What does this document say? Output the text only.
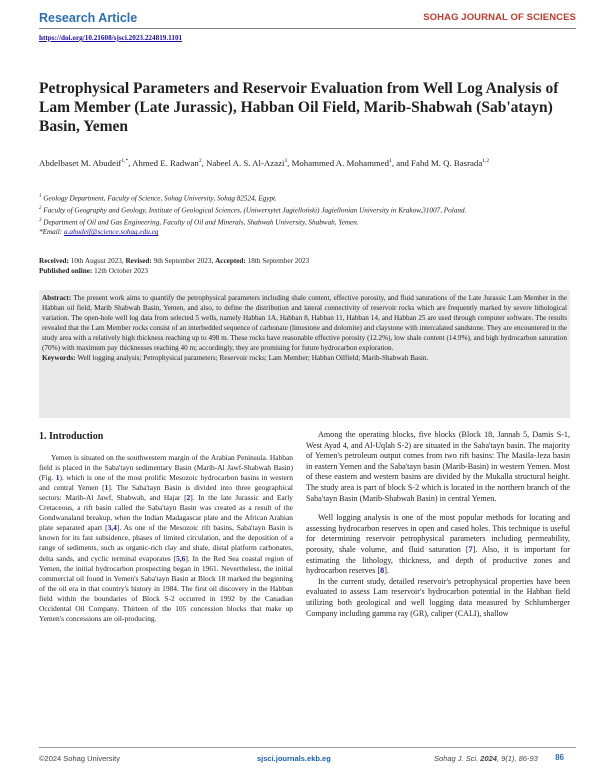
Research Article	SOHAG JOURNAL OF SCIENCES
https://doi.org/10.21608/sjsci.2023.224819.1101
Petrophysical Parameters and Reservoir Evaluation from Well Log Analysis of Lam Member (Late Jurassic), Habban Oil Field, Marib-Shabwah (Sab'atayn) Basin, Yemen
Abdelbaset M. Abudeif$^{1,*}$, Ahmed E. Radwan$^2$, Nabeel A. S. Al-Azazi$^3$, Mohammed A. Mohammed$^1$, and Fahd M. Q. Basrada$^{1,2}$
$^1$ Geology Department, Faculty of Science, Sohag University, Sohag 82524, Egypt.
$^2$ Faculty of Geography and Geology, Institute of Geological Sciences, (Uniwersytet Jagielloński) Jagiellonian University in Krakow,31007, Poland.
$^3$ Department of Oil and Gas Engineering, Faculty of Oil and Minerals, Shabwah University, Shabwah, Yemen.
*Email: a.abudeif@science.sohag.edu.eg
Received: 10th August 2023, Revised: 9th September 2023, Accepted: 18th September 2023
Published online: 12th October 2023
Abstract: The present work aims to quantify the petrophysical parameters including shale content, effective porosity, and fluid saturations of the Late Jurassic Lam Member in the Habban oil field, Marib Shabwah Basin, Yemen, and also, to define the distribution and lateral connectivity of reservoir rocks which are frequently marked by severe lithological variation. The open-hole well log data from selected 5 wells, namely Habban 1A, Habban 8, Habban 11, Habban 14, and Habban 25 are used through computer software. The results revealed that the Lam Member rocks consist of an interbedded sequence of carbonate (limestone and dolomite) and claystone with intercalated sandstone. They are encountered in the study area with a relatively high thickness reaching up to 498 m. These rocks have reasonable effective porosity (12.2%), low shale content (14.9%), and high hydrocarbon saturation (70%) with maximum pay thicknesses reaching 40 m; accordingly, they are promising for future hydrocarbon exploration.
Keywords: Well logging analysis; Petrophysical parameters; Reservoir rocks; Lam Member; Habban Oilfield; Marib-Shabwah Basin.
1. Introduction

Yemen is situated on the southwestern margin of the Arabian Peninsula. Habban field is placed in the Saba'tayn sedimentary Basin (Marib-Al Jawf-Shabwah Basin) (Fig. 1). which is one of the most prolific Mesozoic hydrocarbon basins in western and central Yemen [1]. The Saba'tayn Basin is divided into three geographical sectors: Marib-Al Jawf, Shabwah, and Hajar [2]. In the late Jurassic and Early Cretaceous, a rift basin called the Saba'tayn Basin was created as a result of the Gondwanaland breakup, when the Indian Madagascar plate and the African Arabian plate separated apart [3,4]. As one of the Mesozoic rift basins, Saba'tayn Basin is known for its fast subsidence, phases of limited circulation, and the deposition of a range of sediments, such as organic-rich clay and shale, distal platform carbonates, delta sands, and cyclic terminal evaporates [5,6]. In the Red Sea coastal region of Yemen, the initial hydrocarbon prospecting began in 1961. Nevertheless, the initial commercial oil found in Yemen's Saba'tayn Basin at Block 18 marked the beginning of the oil era in that country's history in 1984. The first oil discovery in the Habban field within the boundaries of Block S-2 occurred in 1992 by the Canadian Occidental Oil Company. Thirteen of the 105 concession blocks that make up Yemen's concessions are oil-producing.

Among the operating blocks, five blocks (Block 18, Jannah 5, Damis S-1, West Ayad 4, and Al-Uqlah S-2) are situated in the Saba'tayn basin. The majority of Yemen's petroleum output comes from two rift basins: The Masila-Jeza basin in eastern Yemen and the Saba'tayn basin (Marib-Basin) in western Yemen. Most of these eastern and western basins are divided by the Mukalla structural height. The study area is part of block S-2 which is located in the northern branch of the Saba'tayn Basin (Marib-Shabwah Basin) in central Yemen.

Well logging analysis is one of the most popular methods for locating and assessing hydrocarbon reserves in open and cased holes. This technique is useful for determining reservoir petrophysical parameters including permeability, porosity, shale volume, and fluid saturation [7]. Also, it is important for estimating the lithology, thickness, and depth of productive zones and hydrocarbon reserves [8].

In the current study, detailed reservoir's petrophysical properties have been evaluated to assess Lam reservoir's hydrocarbon potential in the Habban field utilizing both geological and well logging data measured by Schlumberger Company including gamma ray (GR), caliper (CALI), shallow

©2024 Sohag University	sjsci.journals.ekb.eg	Sohag J. Sci. 2024, 9(1), 86-93 86
